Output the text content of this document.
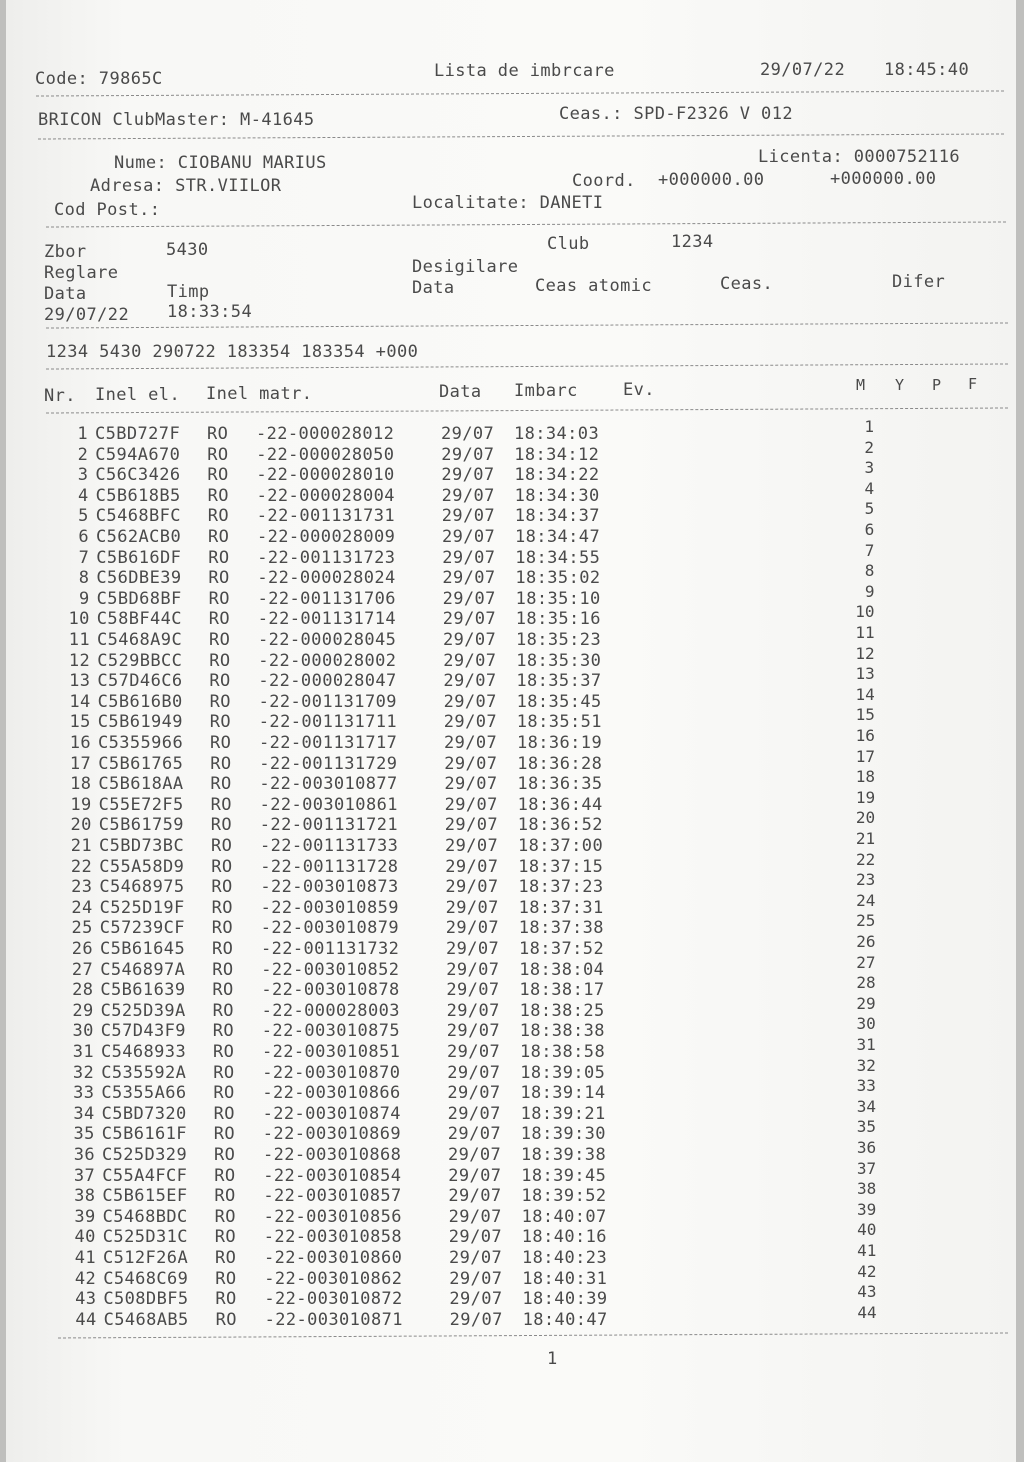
Code: 79865C	Lista de imbrcare	29/07/22 18:45:40
BRICON ClubMaster: M-41645	Ceas.: SPD-F2326 V 012
Nume: CIOBANU MARIUS	Licenta: 0000752116
Adresa: STR.VIILOR	Coord. +000000.00	+000000.00
Cod Post.:	Localitate: DANETI
Zbor	5430	Club	1234
Reglare	Desigilare
Data	Timp	Data	Ceas atomic	Ceas.	Difer
29/07/22 18:33:54
1234 5430 290722 183354 183354 +000
Nr. Inel el. Inel matr.	Data Imbarc	Ev.	M Y P F
1 C5BD727F RO -22-000028012	29/07 18:34:03	1
2 C594A670 RO -22-000028050	29/07 18:34:12	2
3 C56C3426 RO -22-000028010	29/07 18:34:22	3
4 C5B618B5 RO -22-000028004	29/07 18:34:30	4
5 C5468BFC RO -22-001131731	29/07 18:34:37	5
6 C562ACB0 RO -22-000028009	29/07 18:34:47	6
7 C5B616DF RO -22-001131723	29/07 18:34:55	7
8 C56DBE39 RO -22-000028024	29/07 18:35:02	8
9 C5BD68BF RO -22-001131706	29/07 18:35:10	9
10 C58BF44C RO -22-001131714	29/07 18:35:16	10
11 C5468A9C RO -22-000028045	29/07 18:35:23	11
12 C529BBCC RO -22-000028002	29/07 18:35:30	12
13 C57D46C6 RO -22-000028047	29/07 18:35:37	13
14 C5B616B0 RO -22-001131709	29/07 18:35:45	14
15 C5B61949 RO -22-001131711	29/07 18:35:51	15
16 C5355966 RO -22-001131717	29/07 18:36:19	16
17 C5B61765 RO -22-001131729	29/07 18:36:28	17
18 C5B618AA RO -22-003010877	29/07 18:36:35	18
19 C55E72F5 RO -22-003010861	29/07 18:36:44	19
20 C5B61759 RO -22-001131721	29/07 18:36:52	20
21 C5BD73BC RO -22-001131733	29/07 18:37:00	21
22 C55A58D9 RO -22-001131728	29/07 18:37:15	22
23 C5468975 RO -22-003010873	29/07 18:37:23	23
24 C525D19F RO -22-003010859	29/07 18:37:31	24
25 C57239CF RO -22-003010879	29/07 18:37:38	25
26 C5B61645 RO -22-001131732	29/07 18:37:52	26
27 C546897A RO -22-003010852	29/07 18:38:04	27
28 C5B61639 RO -22-003010878	29/07 18:38:17	28
29 C525D39A RO -22-000028003	29/07 18:38:25	29
30 C57D43F9 RO -22-003010875	29/07 18:38:38	30
31 C5468933 RO -22-003010851	29/07 18:38:58	31
32 C535592A RO -22-003010870	29/07 18:39:05	32
33 C5355A66 RO -22-003010866	29/07 18:39:14	33
34 C5BD7320 RO -22-003010874	29/07 18:39:21	34
35 C5B6161F RO -22-003010869	29/07 18:39:30	35
36 C525D329 RO -22-003010868	29/07 18:39:38	36
37 C55A4FCF RO -22-003010854	29/07 18:39:45	37
38 C5B615EF RO -22-003010857	29/07 18:39:52	38
39 C5468BDC RO -22-003010856	29/07 18:40:07	39
40 C525D31C RO -22-003010858	29/07 18:40:16	40
41 C512F26A RO -22-003010860	29/07 18:40:23	41
42 C5468C69 RO -22-003010862	29/07 18:40:31	42
43 C508DBF5 RO -22-003010872	29/07 18:40:39	43
44 C5468AB5 RO -22-003010871	29/07 18:40:47	44
1
